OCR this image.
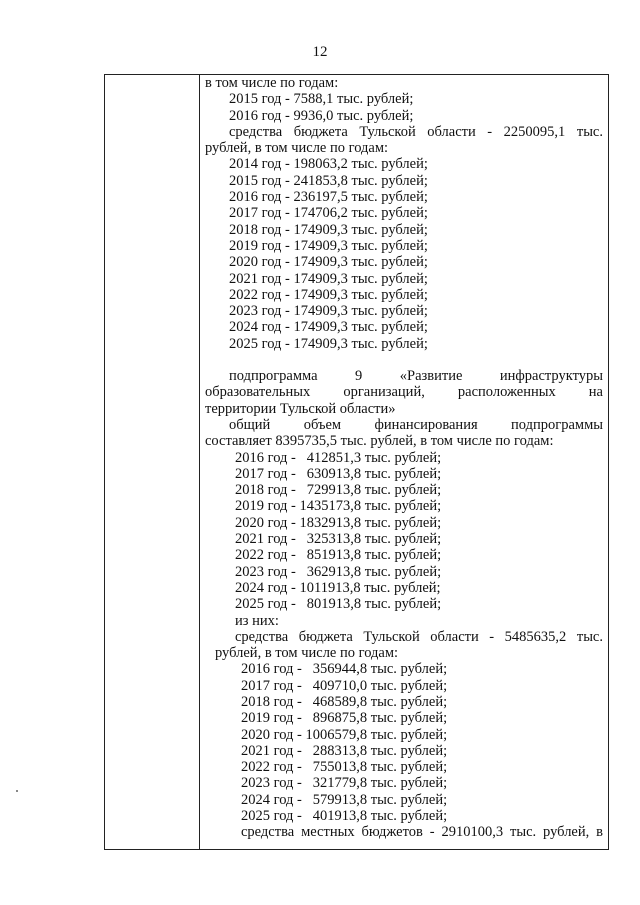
12
в том числе по годам:
2015 год - 7588,1 тыс. рублей;
2016 год - 9936,0 тыс. рублей;
средства бюджета Тульской области - 2250095,1 тыс.
рублей, в том числе по годам:
2014 год - 198063,2 тыс. рублей;
2015 год - 241853,8 тыс. рублей;
2016 год - 236197,5 тыс. рублей;
2017 год - 174706,2 тыс. рублей;
2018 год - 174909,3 тыс. рублей;
2019 год - 174909,3 тыс. рублей;
2020 год - 174909,3 тыс. рублей;
2021 год - 174909,3 тыс. рублей;
2022 год - 174909,3 тыс. рублей;
2023 год - 174909,3 тыс. рублей;
2024 год - 174909,3 тыс. рублей;
2025 год - 174909,3 тыс. рублей;
подпрограмма 9 «Развитие инфраструктуры
образовательных организаций, расположенных на
территории Тульской области»
общий объем финансирования подпрограммы
составляет 8395735,5 тыс. рублей, в том числе по годам:
2016 год -   412851,3 тыс. рублей;
2017 год -   630913,8 тыс. рублей;
2018 год -   729913,8 тыс. рублей;
2019 год - 1435173,8 тыс. рублей;
2020 год - 1832913,8 тыс. рублей;
2021 год -   325313,8 тыс. рублей;
2022 год -   851913,8 тыс. рублей;
2023 год -   362913,8 тыс. рублей;
2024 год - 1011913,8 тыс. рублей;
2025 год -   801913,8 тыс. рублей;
из них:
средства бюджета Тульской области - 5485635,2 тыс.
рублей, в том числе по годам:
2016 год -   356944,8 тыс. рублей;
2017 год -   409710,0 тыс. рублей;
2018 год -   468589,8 тыс. рублей;
2019 год -   896875,8 тыс. рублей;
2020 год - 1006579,8 тыс. рублей;
2021 год -   288313,8 тыс. рублей;
2022 год -   755013,8 тыс. рублей;
2023 год -   321779,8 тыс. рублей;
2024 год -   579913,8 тыс. рублей;
2025 год -   401913,8 тыс. рублей;
средства местных бюджетов - 2910100,3 тыс. рублей, в
